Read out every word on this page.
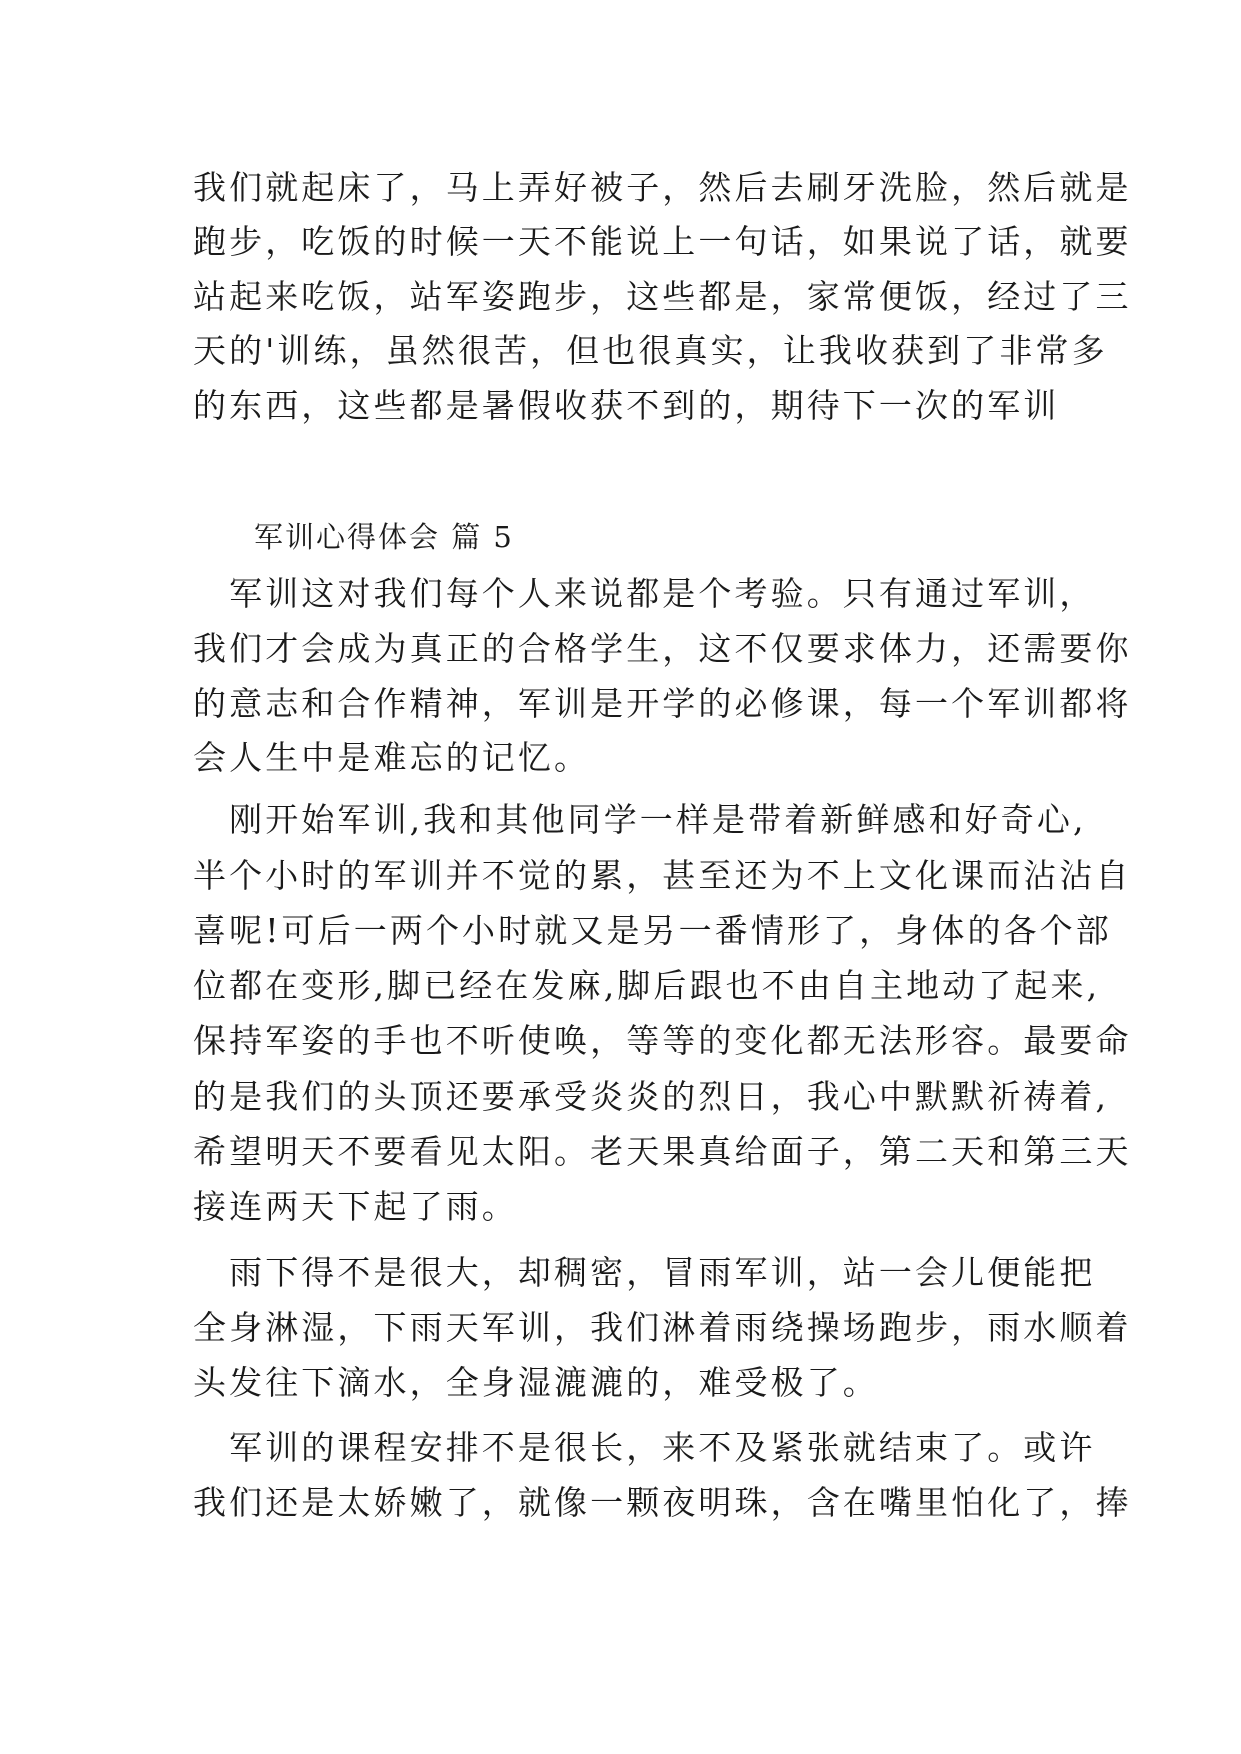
我们就起床了，马上弄好被子，然后去刷牙洗脸，然后就是
跑步，吃饭的时候一天不能说上一句话，如果说了话，就要
站起来吃饭，站军姿跑步，这些都是，家常便饭，经过了三
天的'训练，虽然很苦，但也很真实，让我收获到了非常多
的东西，这些都是暑假收获不到的，期待下一次的军训
军训心得体会 篇 5
　军训这对我们每个人来说都是个考验。只有通过军训，
我们才会成为真正的合格学生，这不仅要求体力，还需要你
的意志和合作精神，军训是开学的必修课，每一个军训都将
会人生中是难忘的记忆。
　刚开始军训,我和其他同学一样是带着新鲜感和好奇心,
半个小时的军训并不觉的累，甚至还为不上文化课而沾沾自
喜呢!可后一两个小时就又是另一番情形了，身体的各个部
位都在变形,脚已经在发麻,脚后跟也不由自主地动了起来,
保持军姿的手也不听使唤，等等的变化都无法形容。最要命
的是我们的头顶还要承受炎炎的烈日，我心中默默祈祷着,
希望明天不要看见太阳。老天果真给面子，第二天和第三天
接连两天下起了雨。
　雨下得不是很大，却稠密，冒雨军训，站一会儿便能把
全身淋湿，下雨天军训，我们淋着雨绕操场跑步，雨水顺着
头发往下滴水，全身湿漉漉的，难受极了。
　军训的课程安排不是很长，来不及紧张就结束了。或许
我们还是太娇嫩了，就像一颗夜明珠，含在嘴里怕化了，捧
